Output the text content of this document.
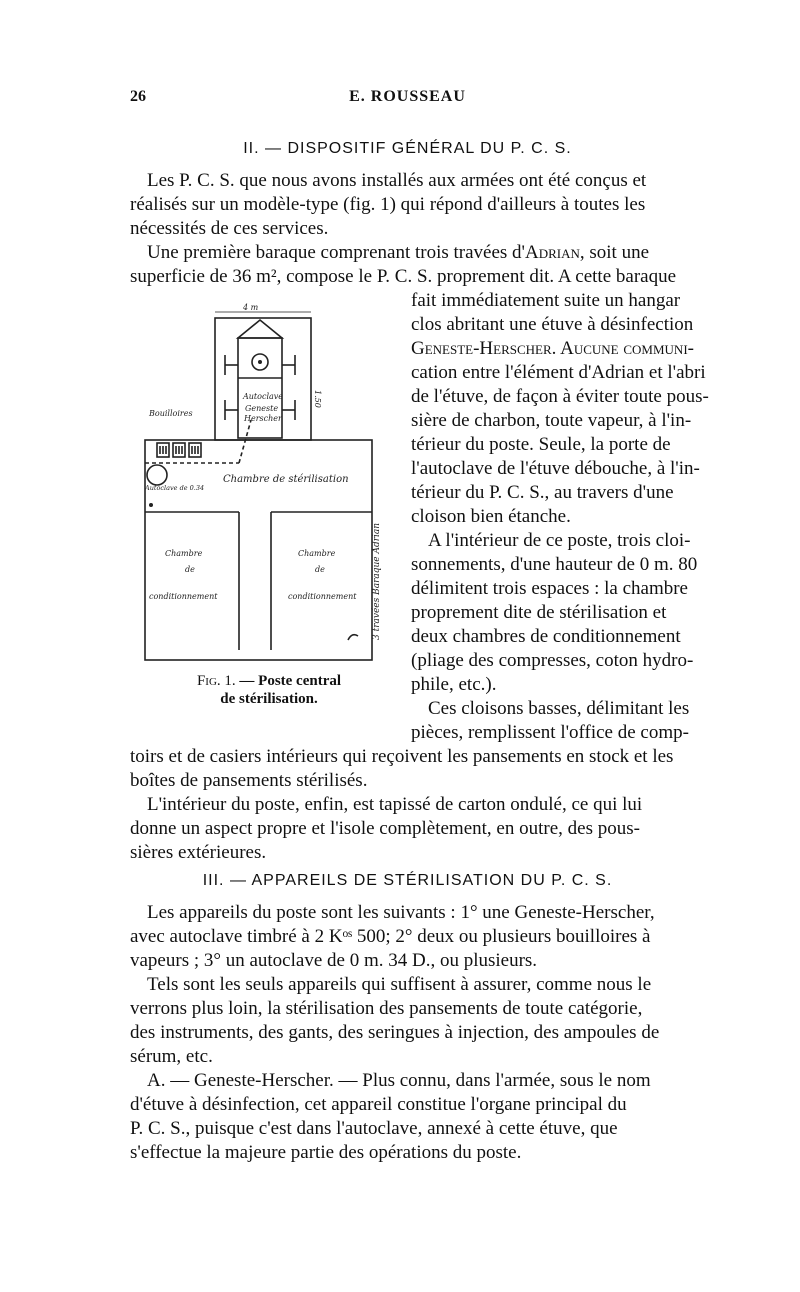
26	E. ROUSSEAU
II. — DISPOSITIF GÉNÉRAL DU P. C. S.
Les P. C. S. que nous avons installés aux armées ont été conçus et
réalisés sur un modèle-type (fig. 1) qui répond d'ailleurs à toutes les
nécessités de ces services.
Une première baraque comprenant trois travées d'Adrian, soit une
superficie de 36 m², compose le P. C. S. proprement dit. A cette baraque
fait immédiatement suite un hangar
clos abritant une étuve à désinfection
Geneste-Herscher. Aucune communi-
cation entre l'élément d'Adrian et l'abri
de l'étuve, de façon à éviter toute pous-
sière de charbon, toute vapeur, à l'in-
térieur du poste. Seule, la porte de
l'autoclave de l'étuve débouche, à l'in-
térieur du P. C. S., au travers d'une
cloison bien étanche.
A l'intérieur de ce poste, trois cloi-
sonnements, d'une hauteur de 0 m. 80
délimitent trois espaces : la chambre
proprement dite de stérilisation et
deux chambres de conditionnement
(pliage des compresses, coton hydro-
phile, etc.).
Ces cloisons basses, délimitant les
pièces, remplissent l'office de comp-
4 m
1.50
Autoclave
Geneste
Herscher
Bouilloires
Autoclave de 0.34
Chambre de stérilisation
Chambre
de
conditionnement
Chambre
de
conditionnement 3 travées Baraque Adrian
Fig. 1. — Poste central
de stérilisation.
toirs et de casiers intérieurs qui reçoivent les pansements en stock et les
boîtes de pansements stérilisés.
L'intérieur du poste, enfin, est tapissé de carton ondulé, ce qui lui
donne un aspect propre et l'isole complètement, en outre, des pous-
sières extérieures.
III. — APPAREILS DE STÉRILISATION DU P. C. S.
Les appareils du poste sont les suivants : 1° une Geneste-Herscher,
avec autoclave timbré à 2 Kᵒˢ 500; 2° deux ou plusieurs bouilloires à
vapeurs ; 3° un autoclave de 0 m. 34 D., ou plusieurs.
Tels sont les seuls appareils qui suffisent à assurer, comme nous le
verrons plus loin, la stérilisation des pansements de toute catégorie,
des instruments, des gants, des seringues à injection, des ampoules de
sérum, etc.
A. — Geneste-Herscher. — Plus connu, dans l'armée, sous le nom
d'étuve à désinfection, cet appareil constitue l'organe principal du
P. C. S., puisque c'est dans l'autoclave, annexé à cette étuve, que
s'effectue la majeure partie des opérations du poste.
